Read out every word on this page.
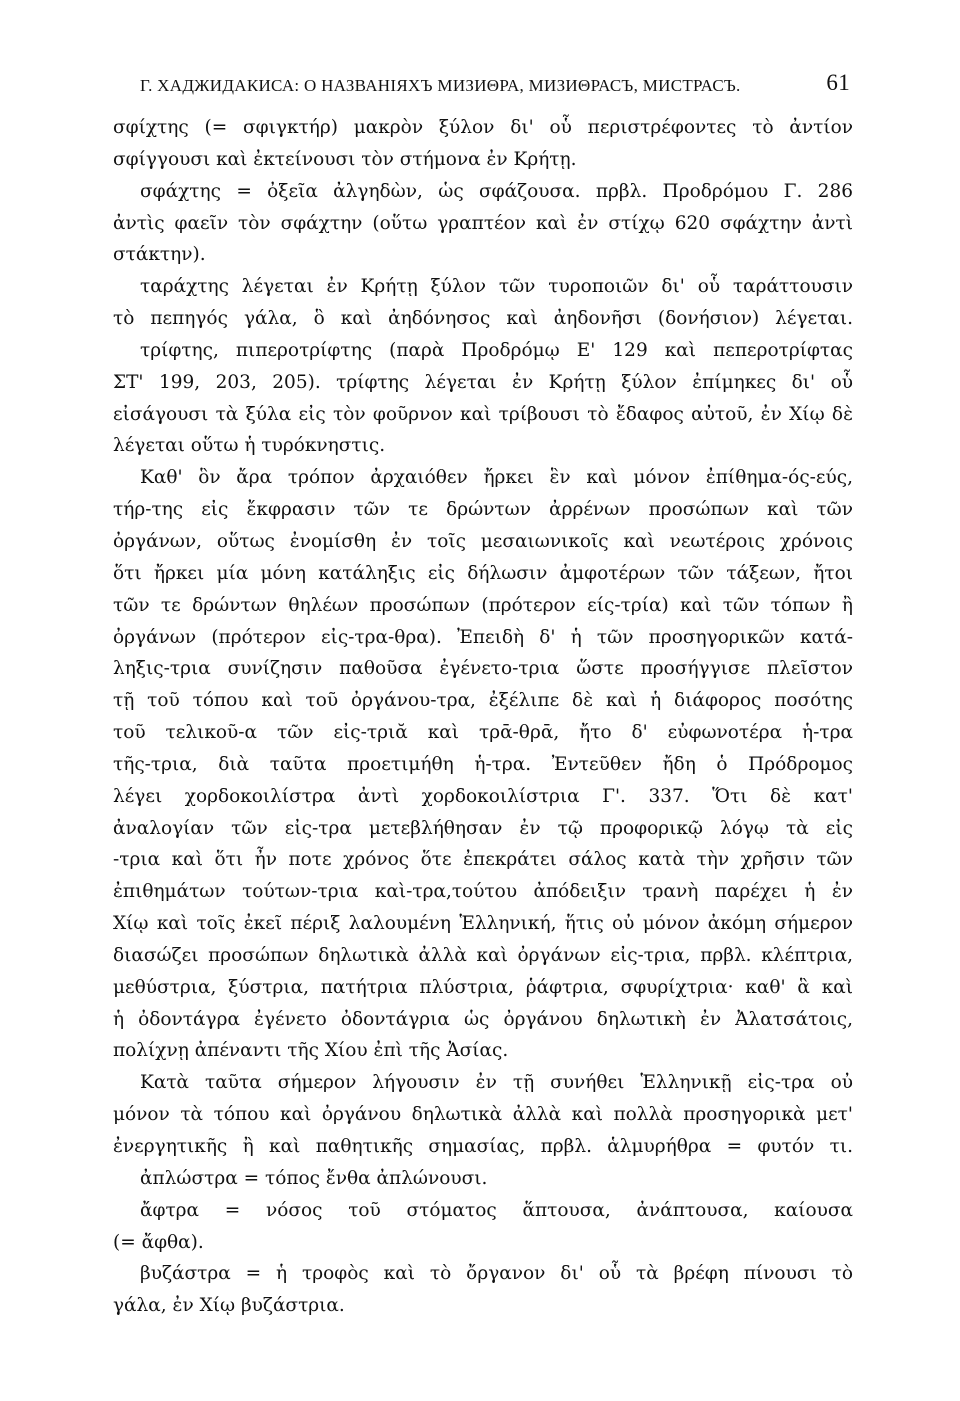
Γ. ΧΑДЖИДАКИСА: О НАЗВАНІЯХЪ МИЗИΘРА, МИЗИΘРАСЪ, МИСТРАСЪ.	61
σφίχτης (= σφιγκτήρ) μακρὸν ξύλον δι' οὗ περιστρέφοντες τὸ ἀντίον
σφίγγουσι καὶ ἐκτείνουσι τὸν στήμονα ἐν Κρήτῃ.
σφάχτης = ὀξεῖα ἀλγηδὼν, ὡς σφάζουσα. πρβλ. Προδρόμου Γ. 286
ἀντὶς φαεῖν τὸν σφάχτην (οὕτω γραπτέον καὶ ἐν στίχῳ 620 σφάχτην ἀντὶ
στάκτην).
ταράχτης λέγεται ἐν Κρήτῃ ξύλον τῶν τυροποιῶν δι' οὗ ταράττουσιν
τὸ πεπηγός γάλα, ὃ καὶ ἀηδόνησος καὶ ἀηδονῆσι (δονήσιον) λέγεται.
τρίφτης, πιπεροτρίφτης (παρὰ Προδρόμῳ Ε' 129 καὶ πεπεροτρίφτας
ΣΤ' 199, 203, 205). τρίφτης λέγεται ἐν Κρήτῃ ξύλον ἐπίμηκες δι' οὗ
εἰσάγουσι τὰ ξύλα εἰς τὸν φοῦρνον καὶ τρίβουσι τὸ ἔδαφος αὐτοῦ, ἐν Χίῳ δὲ
λέγεται οὕτω ἡ τυρόκνηστις.
Καθ' ὃν ἄρα τρόπον ἀρχαιόθεν ἤρκει ἓν καὶ μόνον ἐπίθημα-ός-εύς,
τήρ-της εἰς ἔκφρασιν τῶν τε δρώντων ἀρρένων προσώπων καὶ τῶν
ὀργάνων, οὕτως ἐνομίσθη ἐν τοῖς μεσαιωνικοῖς καὶ νεωτέροις χρόνοις
ὅτι ἤρκει μία μόνη κατάληξις εἰς δήλωσιν ἀμφοτέρων τῶν τάξεων, ἤτοι
τῶν τε δρώντων θηλέων προσώπων (πρότερον είς-τρία) καὶ τῶν τόπων ἢ
ὀργάνων (πρότερον εἰς-τρα-θρα). Ἐπειδὴ δ' ἡ τῶν προσηγορικῶν κατά-
ληξις-τρια συνίζησιν παθοῦσα ἐγένετο-τρια ὥστε προσήγγισε πλεῖστον
τῇ τοῦ τόπου καὶ τοῦ ὀργάνου-τρα, ἐξέλιπε δὲ καὶ ἡ διάφορος ποσότης
τοῦ τελικοῦ-α τῶν εἰς-τριᾰ καὶ τρᾱ-θρᾱ, ἤτο δ' εὐφωνοτέρα ἡ-τρα
τῆς-τρια, διὰ ταῦτα προετιμήθη ἡ-τρα. Ἐντεῦθεν ἤδη ὁ Πρόδρομος
λέγει χορδοκοιλίστρα ἀντὶ χορδοκοιλίστρια Γ'. 337. Ὅτι δὲ κατ'
ἀναλογίαν τῶν εἰς-τρα μετεβλήθησαν ἐν τῷ προφορικῷ λόγῳ τὰ εἰς
-τρια καὶ ὅτι ἦν ποτε χρόνος ὅτε ἐπεκράτει σάλος κατὰ τὴν χρῆσιν τῶν
ἐπιθημάτων τούτων-τρια καὶ-τρα,τούτου ἀπόδειξιν τρανὴ παρέχει ἡ ἐν
Χίῳ καὶ τοῖς ἐκεῖ πέριξ λαλουμένη Ἑλληνική, ἥτις οὐ μόνον ἀκόμη σήμερον
διασώζει προσώπων δηλωτικὰ ἀλλὰ καὶ ὀργάνων εἰς-τρια, πρβλ. κλέπτρια,
μεθύστρια, ξύστρια, πατήτρια πλύστρια, ῥάφτρια, σφυρίχτρια· καθ' ἃ καὶ
ἡ ὀδοντάγρα ἐγένετο ὀδοντάγρια ὡς ὀργάνου δηλωτικὴ ἐν Ἀλατσάτοις,
πολίχνῃ ἀπέναντι τῆς Χίου ἐπὶ τῆς Ἀσίας.
Κατὰ ταῦτα σήμερον λήγουσιν ἐν τῇ συνήθει Ἑλληνικῇ εἰς-τρα οὐ
μόνον τὰ τόπου καὶ ὀργάνου δηλωτικὰ ἀλλὰ καὶ πολλὰ προσηγορικὰ μετ'
ἐνεργητικῆς ἢ καὶ παθητικῆς σημασίας, πρβλ. ἁλμυρήθρα = φυτόν τι.
ἀπλώστρα = τόπος ἔνθα ἀπλώνουσι.
ἄφτρα = νόσος τοῦ στόματος ἅπτουσα, ἀνάπτουσα, καίουσα
(= ἄφθα).
βυζάστρα = ἡ τροφὸς καὶ τὸ ὄργανον δι' οὗ τὰ βρέφη πίνουσι τὸ
γάλα, ἐν Χίῳ βυζάστρια.
